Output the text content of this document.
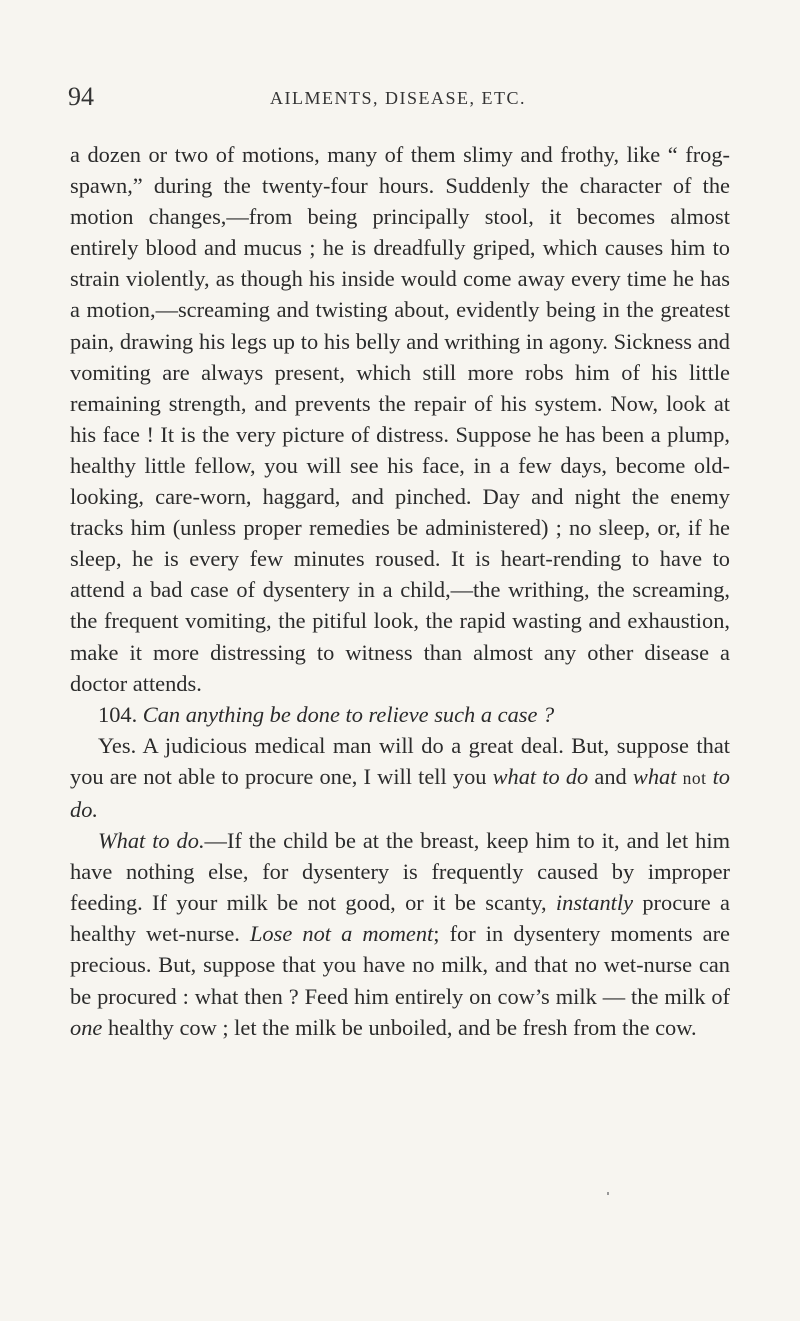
94	AILMENTS, DISEASE, ETC.

a dozen or two of motions, many of them slimy and frothy, like “ frog-spawn,” during the twenty-four hours. Suddenly the character of the motion changes,—from being principally stool, it becomes almost entirely blood and mucus ; he is dreadfully griped, which causes him to strain violently, as though his inside would come away every time he has a motion,—screaming and twisting about, evidently being in the greatest pain, drawing his legs up to his belly and writhing in agony. Sickness and vomiting are always present, which still more robs him of his little remaining strength, and prevents the repair of his system. Now, look at his face ! It is the very picture of distress. Suppose he has been a plump, healthy little fellow, you will see his face, in a few days, become old-looking, care-worn, haggard, and pinched. Day and night the enemy tracks him (unless proper remedies be administered) ; no sleep, or, if he sleep, he is every few minutes roused. It is heart-rending to have to attend a bad case of dysentery in a child,—the writhing, the screaming, the frequent vomiting, the pitiful look, the rapid wasting and exhaustion, make it more distressing to witness than almost any other disease a doctor attends.

104. Can anything be done to relieve such a case ?

Yes. A judicious medical man will do a great deal. But, suppose that you are not able to procure one, I will tell you what to do and what not to do.

What to do.—If the child be at the breast, keep him to it, and let him have nothing else, for dysentery is frequently caused by improper feeding. If your milk be not good, or it be scanty, instantly procure a healthy wet-nurse. Lose not a moment; for in dysentery moments are precious. But, suppose that you have no milk, and that no wet-nurse can be procured : what then ? Feed him entirely on cow’s milk — the milk of one healthy cow ; let the milk be unboiled, and be fresh from the cow.
